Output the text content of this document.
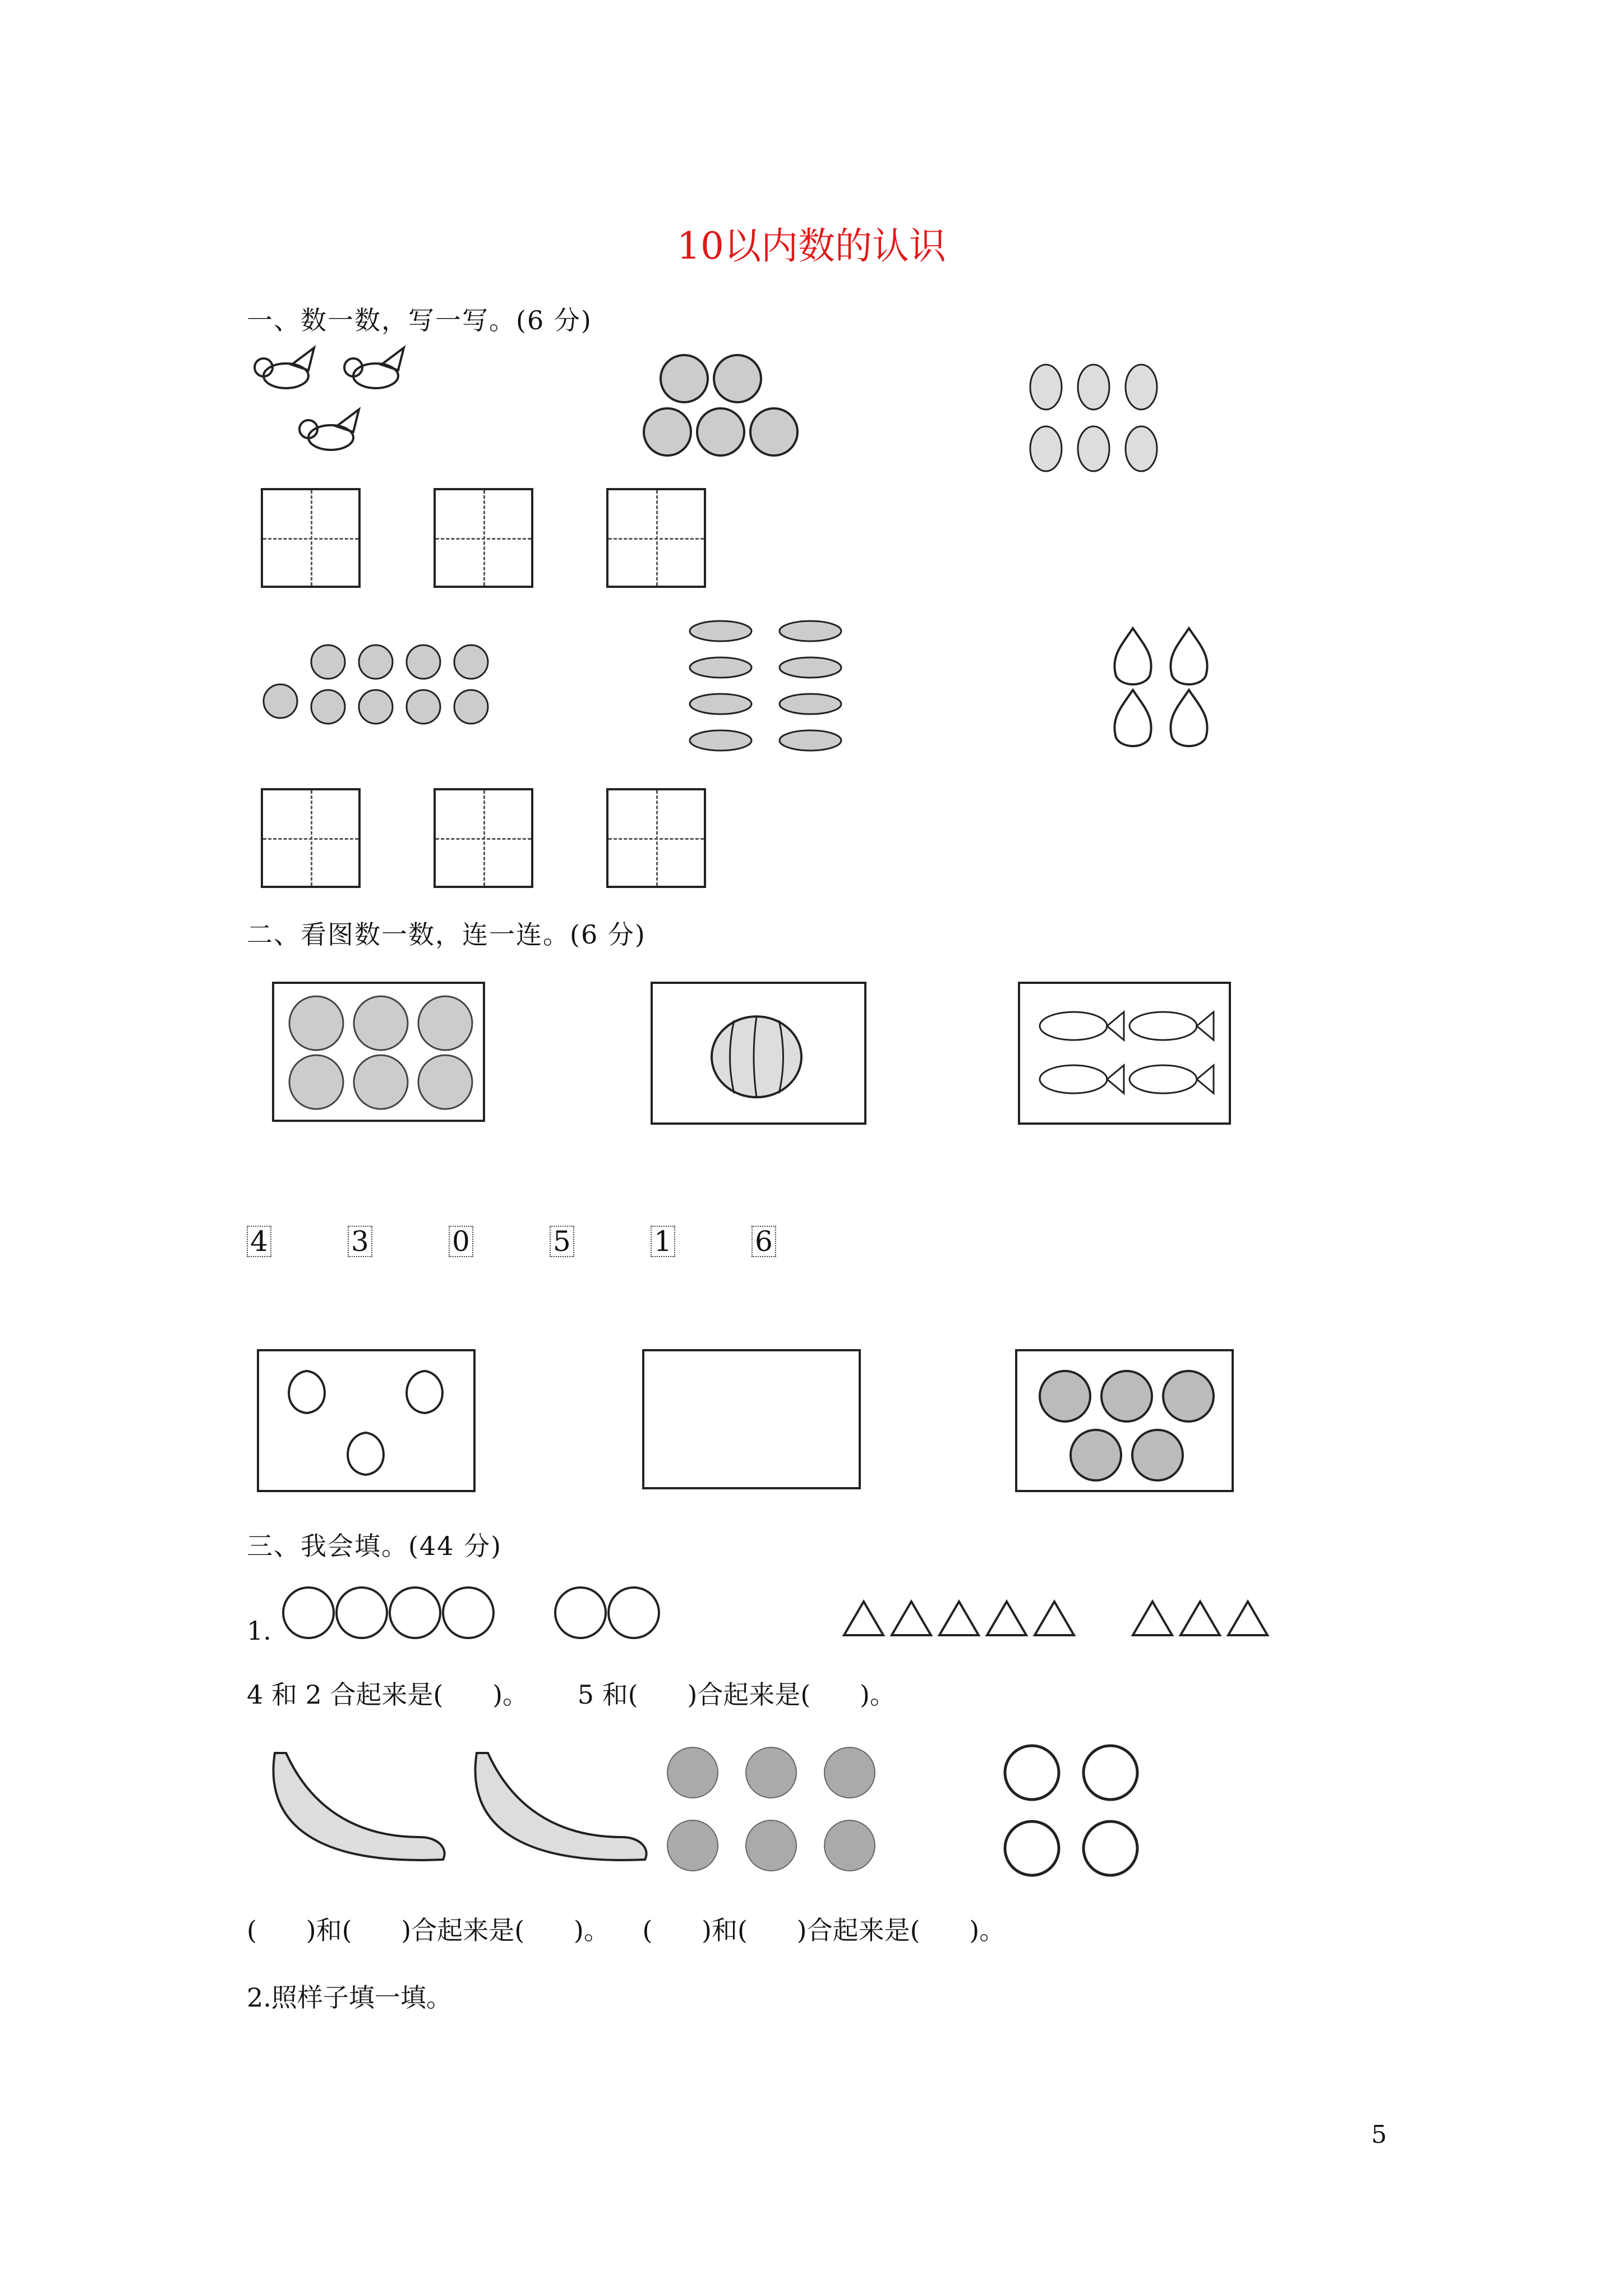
10以内数的认识
一、数一数，写一写。(6 分)
二、看图数一数，连一连。(6 分)
4	3	0	5	1	6
三、我会填。(44 分)
1.
4 和 2 合起来是(      )。      5 和(      )合起来是(      )。
(      )和(      )合起来是(      )。    (      )和(      )合起来是(      )。
2.照样子填一填。
5
